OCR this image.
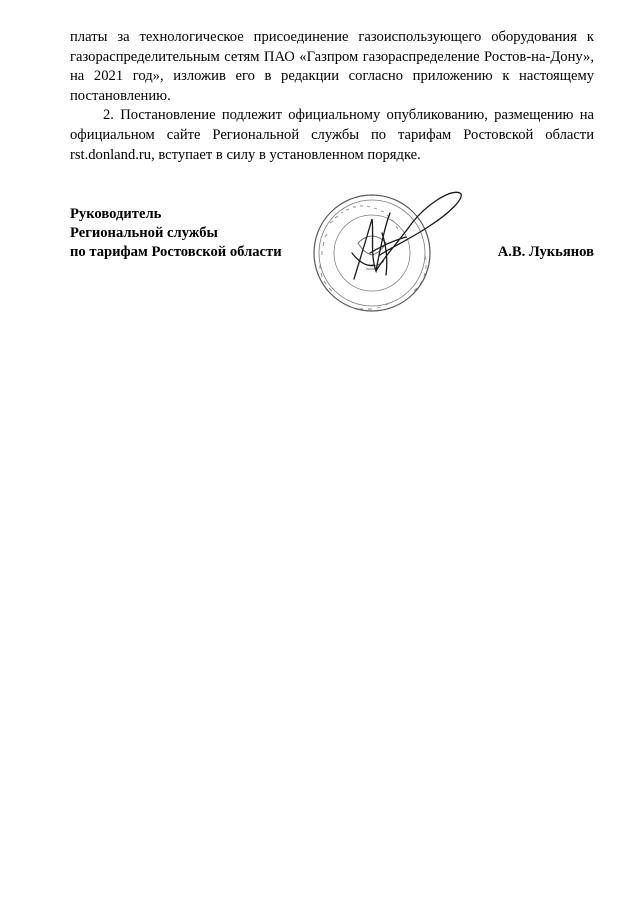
платы за технологическое присоединение газоиспользующего оборудования к газораспределительным сетям ПАО «Газпром газораспределение Ростов-на-Дону», на 2021 год», изложив его в редакции согласно приложению к настоящему постановлению.

2. Постановление подлежит официальному опубликованию, размещению на официальном сайте Региональной службы по тарифам Ростовской области rst.donland.ru, вступает в силу в установленном порядке.

Руководитель
Региональной службы
по тарифам Ростовской области	А.В. Лукьянов
